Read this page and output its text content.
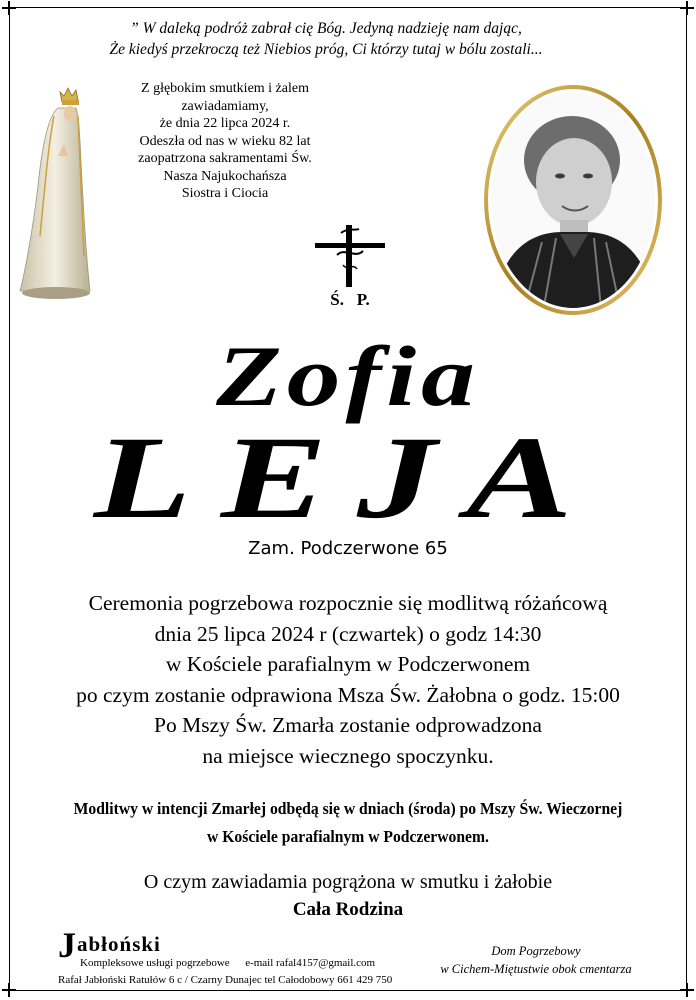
” W daleką podróż zabrał cię Bóg. Jedyną nadzieję nam dając,
Że kiedyś przekroczą też Niebios próg, Ci którzy tutaj w bólu zostali...
Z głębokim smutkiem i żalem zawiadamiamy,
że dnia 22 lipca 2024 r.
Odeszła od nas w wieku 82 lat
zaopatrzona sakramentami Św.
Nasza Najukochańsza
Siostra i Ciocia
Ś.   P.
Zofia
LEJA
Zam. Podczerwone 65
Ceremonia pogrzebowa rozpocznie się modlitwą różańcową
dnia 25 lipca 2024 r (czwartek) o godz 14:30
w Kościele parafialnym w Podczerwonem
po czym zostanie odprawiona Msza Św. Żałobna o godz. 15:00
Po Mszy Św. Zmarła zostanie odprowadzona
na miejsce wiecznego spoczynku.
Modlitwy w intencji Zmarłej odbędą się w dniach (środa) po Mszy Św. Wieczornej
w Kościele parafialnym w Podczerwonem.
O czym zawiadamia pogrążona w smutku i żałobie
Cała Rodzina
Jabłoński
Kompleksowe usługi pogrzebowe e-mail rafal4157@gmail.com
Rafał Jabłoński Ratułów 6 c / Czarny Dunajec tel Całodobowy 661 429 750
Dom Pogrzebowy
w Cichem-Miętustwie obok cmentarza
